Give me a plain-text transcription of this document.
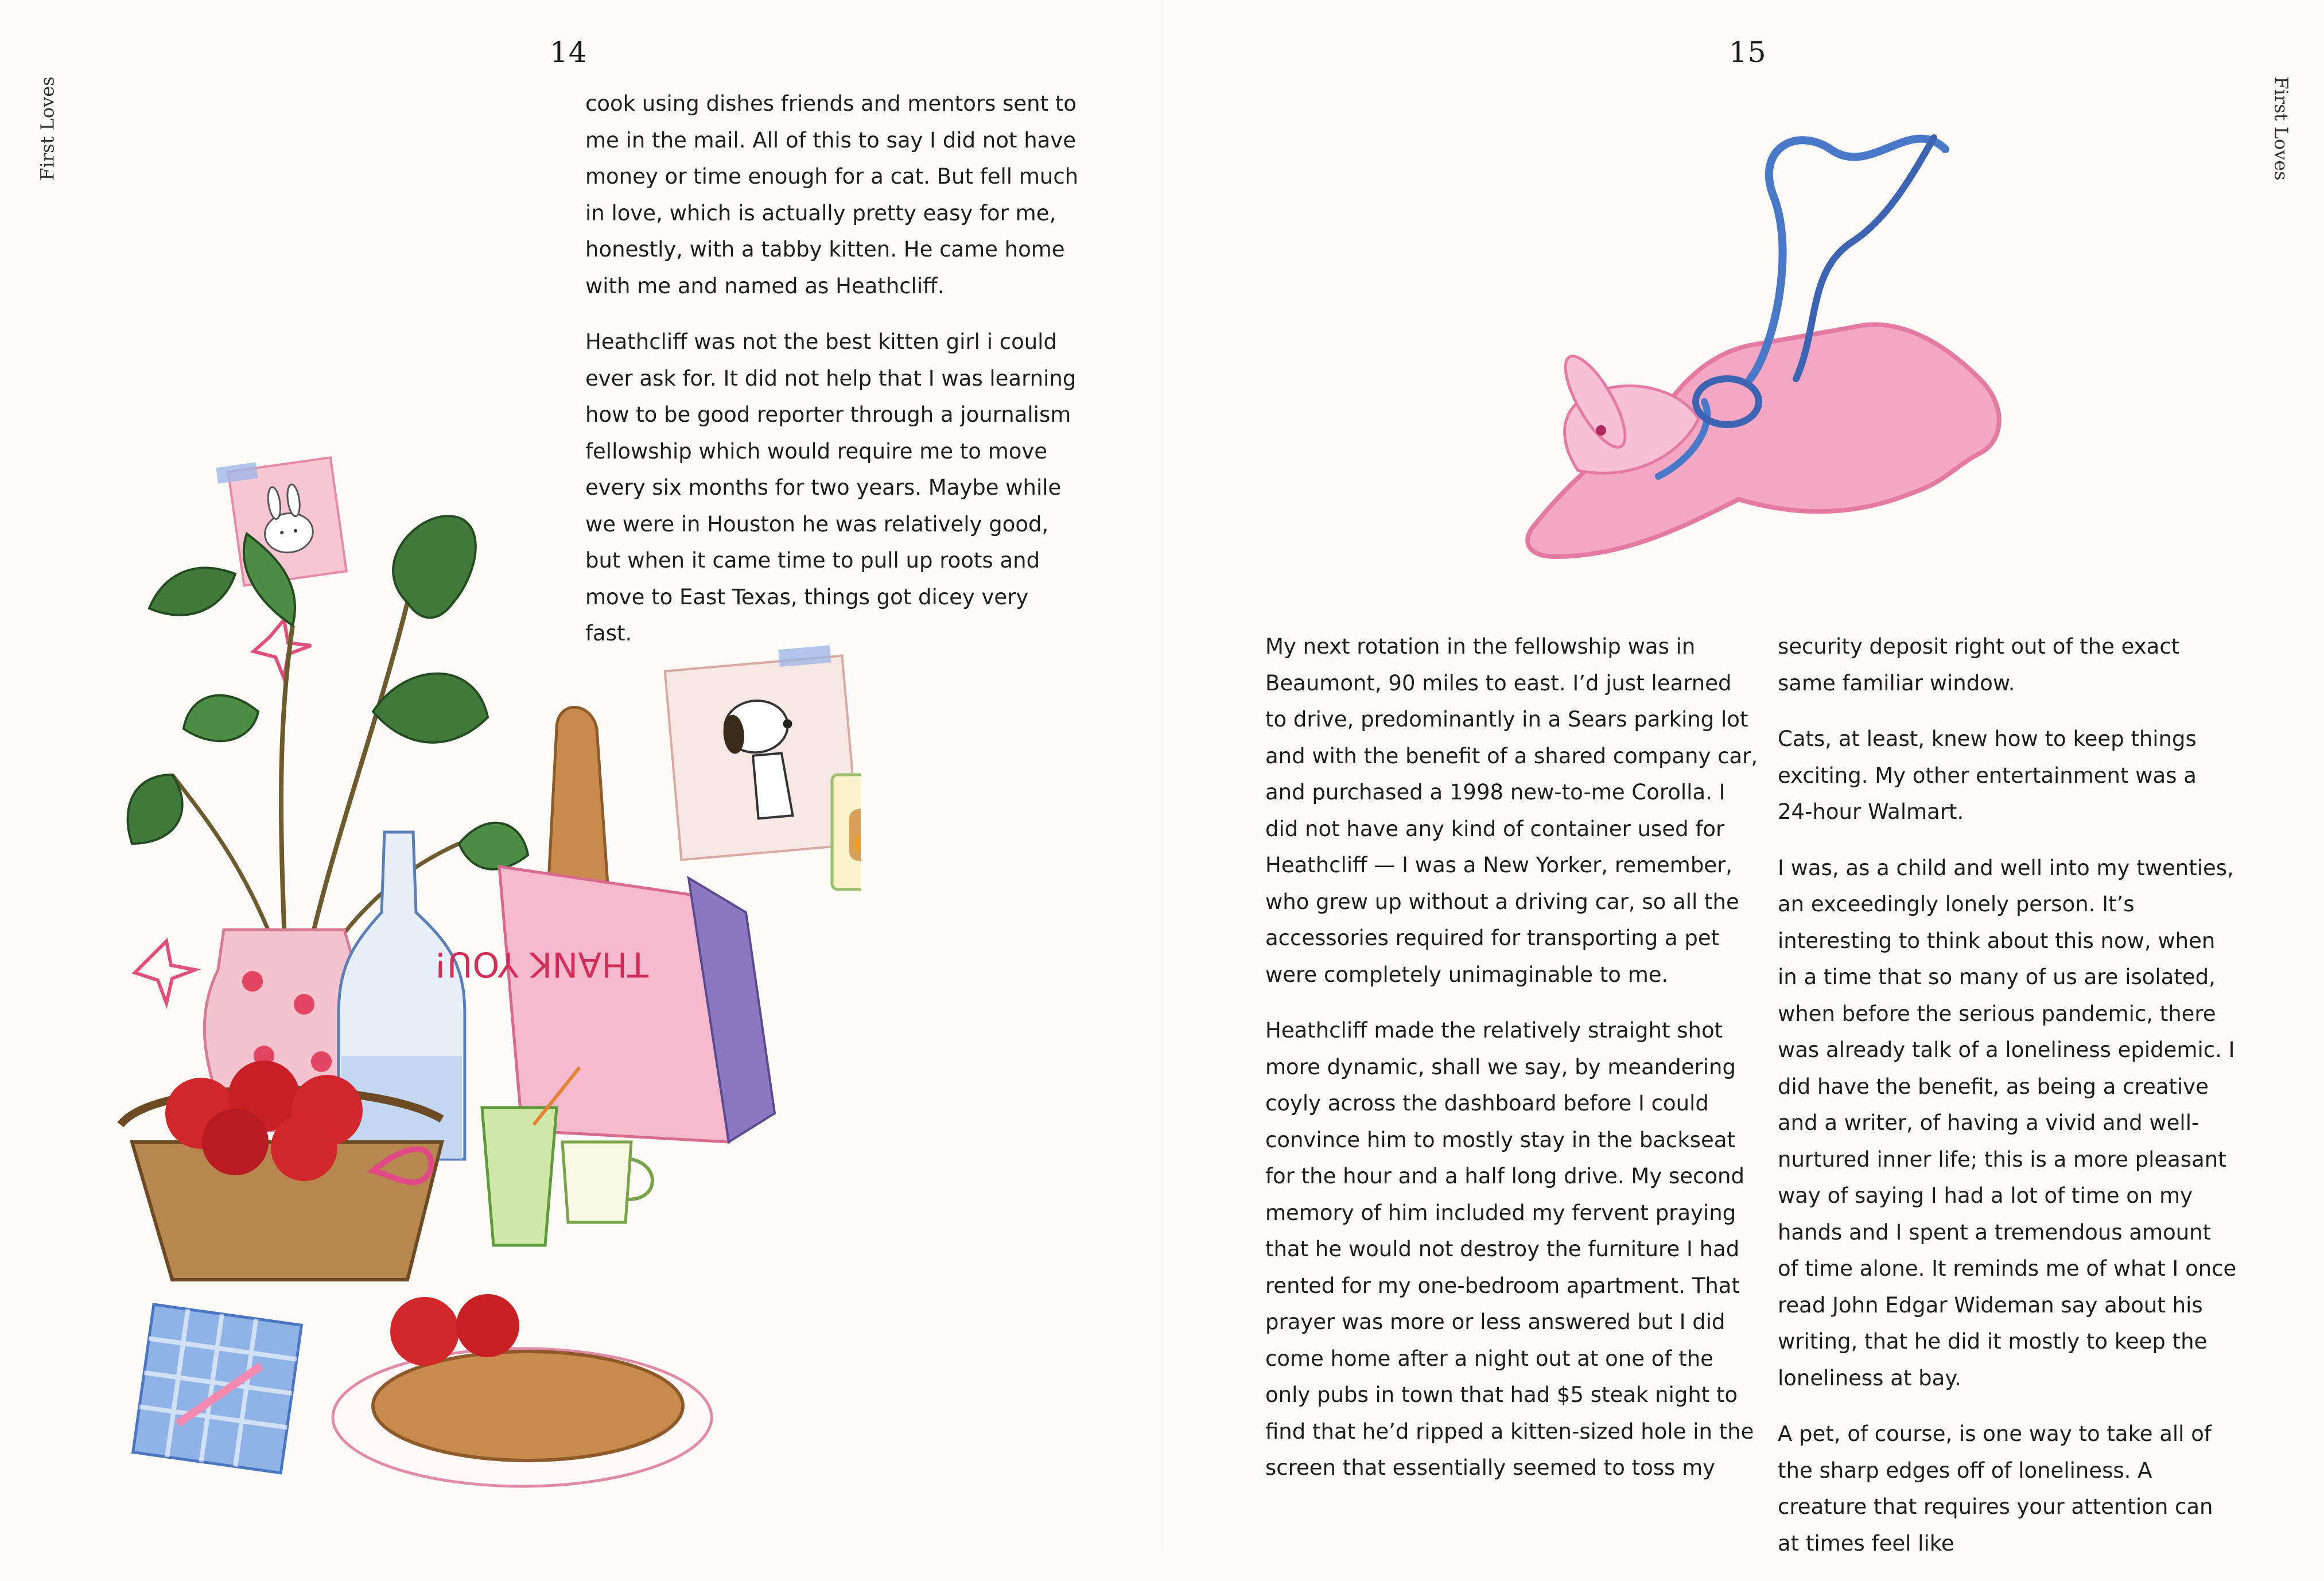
First Loves	First Loves
14	15

cook using dishes friends and mentors sent to me in the mail. All of this to say I did not have money or time enough for a cat. But fell much in love, which is actually pretty easy for me, honestly, with a tabby kitten. He came home with me and named as Heathcliff.

Heathcliff was not the best kitten girl i could ever ask for. It did not help that I was learning how to be good reporter through a journalism fellowship which would require me to move every six months for two years. Maybe while we were in Houston he was relatively good, but when it came time to pull up roots and move to East Texas, things got dicey very fast.

THANK YOU!

My next rotation in the fellowship was in Beaumont, 90 miles to east. I’d just learned to drive, predominantly in a Sears parking lot and with the benefit of a shared company car, and purchased a 1998 new-to-me Corolla. I did not have any kind of container used for Heathcliff — I was a New Yorker, remember, who grew up without a driving car, so all the accessories required for transporting a pet were completely unimaginable to me.

Heathcliff made the relatively straight shot more dynamic, shall we say, by meandering coyly across the dashboard before I could convince him to mostly stay in the backseat for the hour and a half long drive. My second memory of him included my fervent praying that he would not destroy the furniture I had rented for my one-bedroom apartment. That prayer was more or less answered but I did come home after a night out at one of the only pubs in town that had $5 steak night to find that he’d ripped a kitten-sized hole in the screen that essentially seemed to toss my

security deposit right out of the exact same familiar window.

Cats, at least, knew how to keep things exciting. My other entertainment was a 24-hour Walmart.

I was, as a child and well into my twenties, an exceedingly lonely person. It’s interesting to think about this now, when in a time that so many of us are isolated, when before the serious pandemic, there was already talk of a loneliness epidemic. I did have the benefit, as being a creative and a writer, of having a vivid and well-nurtured inner life; this is a more pleasant way of saying I had a lot of time on my hands and I spent a tremendous amount of time alone. It reminds me of what I once read John Edgar Wideman say about his writing, that he did it mostly to keep the loneliness at bay.

A pet, of course, is one way to take all of the sharp edges off of loneliness. A creature that requires your attention can at times feel like
